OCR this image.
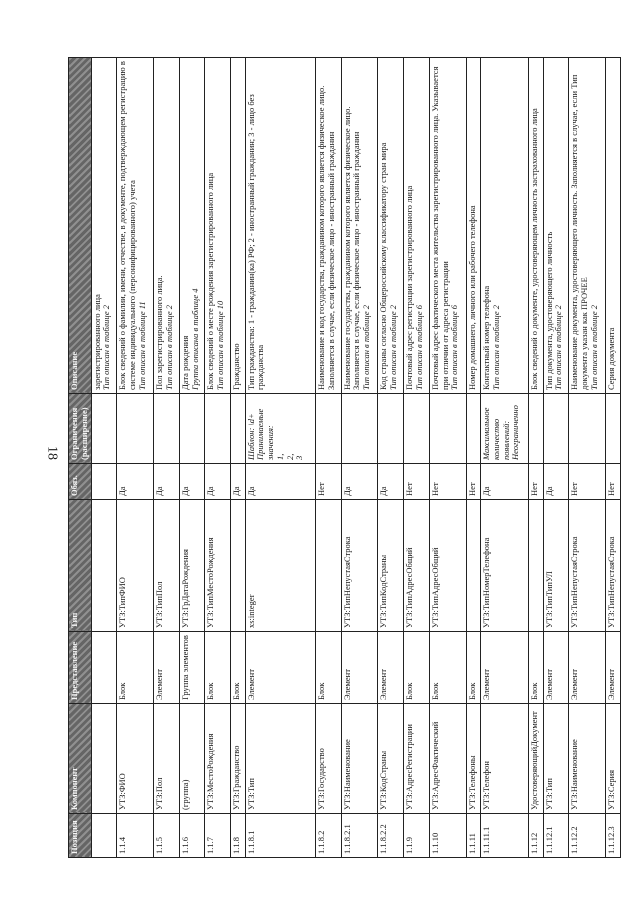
18
Позиция	Компонент	Представление	Тип	Обяз.	Ограничения (расширение)	Описание
						зарегистрированного лица Тип описан в таблице 2

1.1.4	УТЗ:ФИО	Блок	УТЗ:ТипФИО	Да		Блок сведений о фамилии, имени, отчестве, в документе, подтверждающем регистрацию в системе индивидуального (персонифицированного) учета Тип описан в таблице 11

1.1.5	УТЗ:Пол	Элемент	УТЗ:ТипПол	Да		Пол зарегистрированного лица. Тип описан в таблице 2

1.1.6	(группа)	Группа элементов	УТЗ:ГрДатаРождения	Да		Дата рождения Группа описана в таблице 4

1.1.7	УТЗ:МестоРождения	Блок	УТЗ:ТипМестоРождения	Да		Блок сведений о месте рождения зарегистрированного лица Тип описан в таблице 10

1.1.8	УТЗ:Гражданство	Блок		Да		Гражданство
1.1.8.1	УТЗ:Тип	Элемент	xs:integer	Да	Шаблон: \d+ Принимаемые значения: 1, 2, 3	Тип гражданства: 1 - гражданин(ка) РФ; 2 - иностранный гражданин; 3 - лицо без гражданства
1.1.8.2	УТЗ:Государство	Блок		Нет		Наименование и код государства, гражданином которого является физическое лицо. Заполняется в случае, если физическое лицо - иностранный гражданин
1.1.8.2.1	УТЗ:Наименование	Элемент	УТЗ:ТипНепустаяСтрока	Да		Наименование государства, гражданином которого является физическое лицо. Заполняется в случае, если физическое лицо - иностранный гражданин Тип описан в таблице 2

1.1.8.2.2	УТЗ:КодСтраны	Элемент	УТЗ:ТипКодСтраны	Да		Код страны согласно Общероссийскому классификатору стран мира Тип описан в таблице 2

1.1.9	УТЗ:АдресРегистрации	Блок	УТЗ:ТипАдресОбщий	Нет		Почтовый адрес регистрации зарегистрированного лица Тип описан в таблице 6

1.1.10	УТЗ:АдресФактический	Блок	УТЗ:ТипАдресОбщий	Нет		Почтовый адрес фактического места жительства зарегистрированного лица. Указывается при отличии от адреса регистрации Тип описан в таблице 6

1.1.11	УТЗ:Телефоны	Блок		Нет		Номер домашнего, личного или рабочего телефона
1.1.11.1	УТЗ:Телефон	Элемент	УТЗ:ТипНомерТелефона	Да	Максимальное количество появлений: Неограниченно	Контактный номер телефона Тип описан в таблице 2

1.1.12	УдостоверяющийДокумент	Блок		Нет		Блок сведений о документе, удостоверяющем личность застрахованного лица
1.1.12.1	УТЗ:Тип	Элемент	УТЗ:ТипТипУЛ	Да		Тип документа, удостоверяющего личность Тип описан в таблице 2

1.1.12.2	УТЗ:Наименование	Элемент	УТЗ:ТипНепустаяСтрока	Нет		Наименование документа, удостоверяющего личность. Заполняется в случае, если Тип документа указан как ПРОЧЕЕ Тип описан в таблице 2

1.1.12.3	УТЗ:Серия	Элемент	УТЗ:ТипНепустаяСтрока	Нет		Серия документа
